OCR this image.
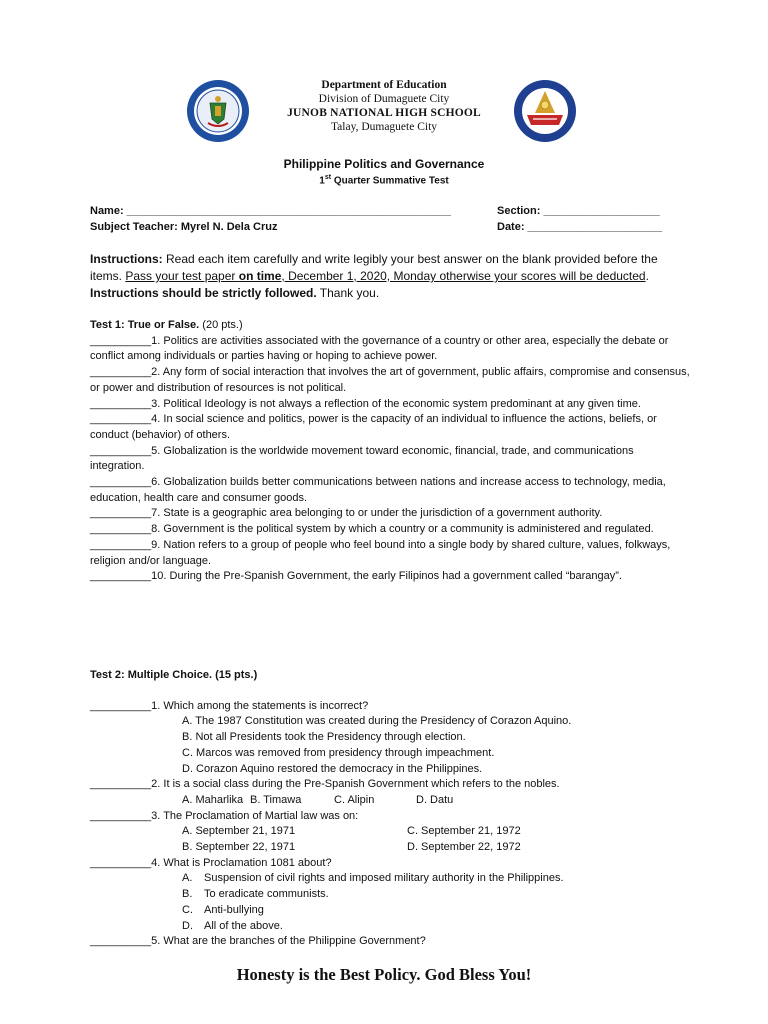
Department of Education
Division of Dumaguete City
JUNOB NATIONAL HIGH SCHOOL
Talay, Dumaguete City
Philippine Politics and Governance
1st Quarter Summative Test
Name: _____________________________________________________	Section: ___________________
Subject Teacher: Myrel N. Dela Cruz	Date: ______________________
Instructions: Read each item carefully and write legibly your best answer on the blank provided before the items. Pass your test paper on time, December 1, 2020, Monday otherwise your scores will be deducted. Instructions should be strictly followed. Thank you.
Test 1: True or False. (20 pts.)
__________1. Politics are activities associated with the governance of a country or other area, especially the debate or conflict among individuals or parties having or hoping to achieve power.
__________2. Any form of social interaction that involves the art of government, public affairs, compromise and consensus, or power and distribution of resources is not political.
__________3. Political Ideology is not always a reflection of the economic system predominant at any given time.
__________4. In social science and politics, power is the capacity of an individual to influence the actions, beliefs, or conduct (behavior) of others.
__________5. Globalization is the worldwide movement toward economic, financial, trade, and communications integration.
__________6. Globalization builds better communications between nations and increase access to technology, media, education, health care and consumer goods.
__________7. State is a geographic area belonging to or under the jurisdiction of a government authority.
__________8. Government is the political system by which a country or a community is administered and regulated.
__________9. Nation refers to a group of people who feel bound into a single body by shared culture, values, folkways, religion and/or language.
__________10. During the Pre-Spanish Government, the early Filipinos had a government called “barangay”.
Test 2: Multiple Choice. (15 pts.)
__________1. Which among the statements is incorrect?
A. The 1987 Constitution was created during the Presidency of Corazon Aquino.
B. Not all Presidents took the Presidency through election.
C. Marcos was removed from presidency through impeachment.
D. Corazon Aquino restored the democracy in the Philippines.
__________2. It is a social class during the Pre-Spanish Government which refers to the nobles.
A. Maharlika B. Timawa	C. Alipin	D. Datu
__________3. The Proclamation of Martial law was on:
A. September 21, 1971	C. September 21, 1972
B. September 22, 1971	D. September 22, 1972
__________4. What is Proclamation 1081 about?
A. Suspension of civil rights and imposed military authority in the Philippines.
B. To eradicate communists.
C. Anti-bullying
D. All of the above.
__________5. What are the branches of the Philippine Government?
Honesty is the Best Policy. God Bless You!
